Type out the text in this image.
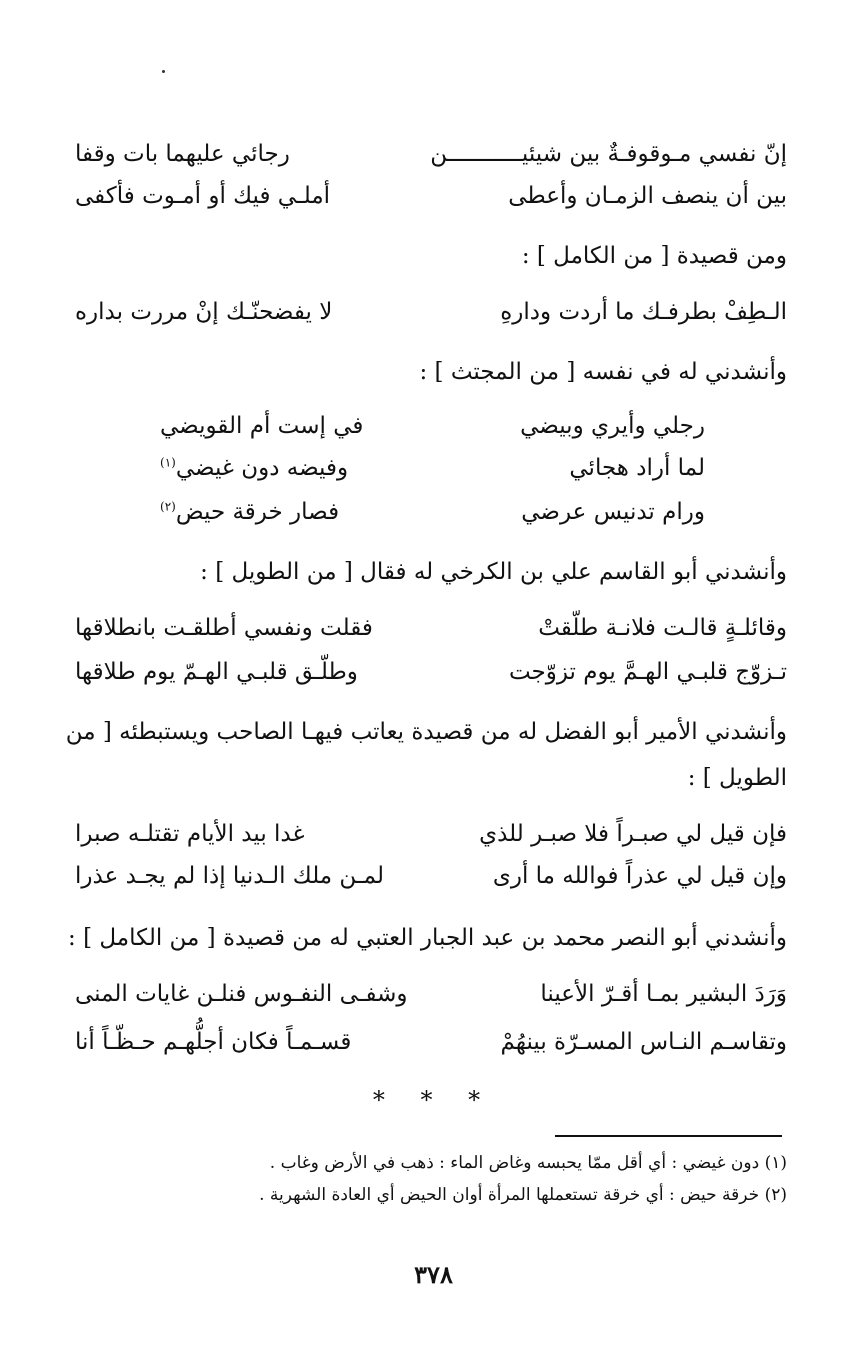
إنّ نفسي مـوقوفـةٌ بين شيئيـــــــــــن
رجائي عليهما بات وقفا
بين أن ينصف الزمـان وأعطى
أملـي فيك أو أمـوت فأكفى
ومن قصيدة [ من الكامل ] :
الـطِفْ بطرفـك ما أردت ودارهِ
لا يفضحنّـك إنْ مررت بداره
وأنشدني له في نفسه [ من المجتث ] :
رجلي وأيري وبيضي
في إست أم القويضي
لما أراد هجائي
وفيضه دون غيضي$^{(١)}$
ورام تدنيس عرضي
فصار خرقة حيض$^{(٢)}$
وأنشدني أبو القاسم علي بن الكرخي له فقال [ من الطويل ] :
وقائلـةٍ قالـت فلانـة طلّقتْ
فقلت ونفسي أطلقـت بانطلاقها
تـزوّج قلبـي الهـمَّ يوم تزوّجت
وطلّـق قلبـي الهـمّ يوم طلاقها
وأنشدني الأمير أبو الفضل له من قصيدة يعاتب فيهـا الصاحب ويستبطئه [ من
الطويل ] :
فإن قيل لي صبـراً فلا صبـر للذي
غدا بيد الأيام تقتلـه صبرا
وإن قيل لي عذراً فوالله ما أرى
لمـن ملك الـدنيا إذا لم يجـد عذرا
وأنشدني أبو النصر محمد بن عبد الجبار العتبي له من قصيدة [ من الكامل ] :
وَرَدَ البشير بمـا أقـرّ الأعينا
وشفـى النفـوس فنلـن غايات المنى
وتقاسـم النـاس المسـرّة بينهُمْ
قسـمـاً فكان أجلُّهـم حـظّـاً أنا
* * *
(١) دون غيضي : أي أقل ممّا يحبسه وغاض الماء : ذهب في الأرض وغاب .
(٢) خرقة حيض : أي خرقة تستعملها المرأة أوان الحيض أي العادة الشهرية .
٣٧٨
